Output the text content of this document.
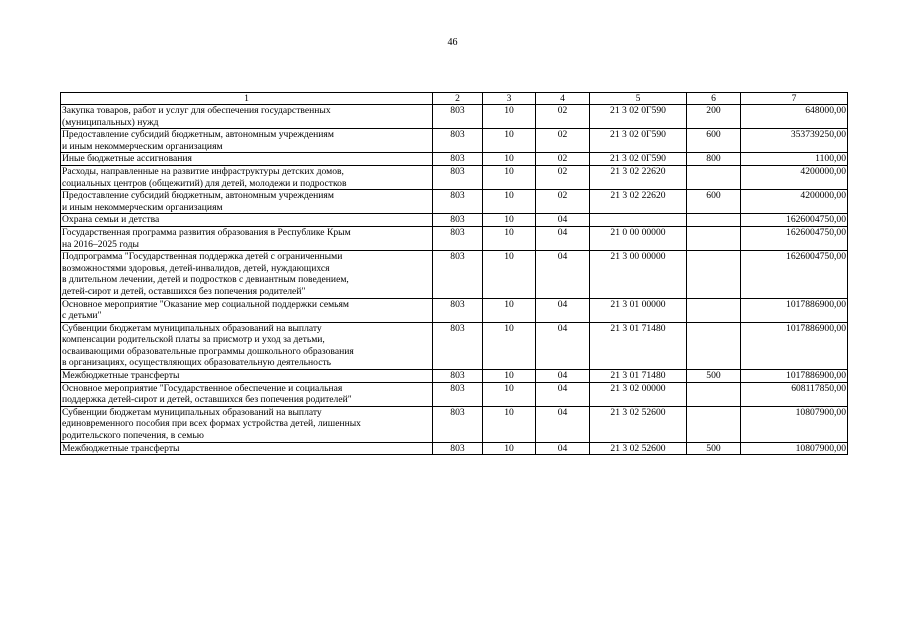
46
1	2	3	4	5	6	7
Закупка товаров, работ и услуг для обеспечения государственных
(муниципальных) нужд	803	10	02	21 3 02 0Г590	200	648000,00
Предоставление субсидий бюджетным, автономным учреждениям
и иным некоммерческим организациям	803	10	02	21 3 02 0Г590	600	353739250,00
Иные бюджетные ассигнования	803	10	02	21 3 02 0Г590	800	1100,00
Расходы, направленные на развитие инфраструктуры детских домов,
социальных центров (общежитий) для детей, молодежи и подростков	803	10	02	21 3 02 22620		4200000,00
Предоставление субсидий бюджетным, автономным учреждениям
и иным некоммерческим организациям	803	10	02	21 3 02 22620	600	4200000,00
Охрана семьи и детства	803	10	04			1626004750,00
Государственная программа развития образования в Республике Крым
на 2016–2025 годы	803	10	04	21 0 00 00000		1626004750,00
Подпрограмма "Государственная поддержка детей с ограниченными
возможностями здоровья, детей-инвалидов, детей, нуждающихся
в длительном лечении, детей и подростков с девиантным поведением,
детей-сирот и детей, оставшихся без попечения родителей"	803	10	04	21 3 00 00000		1626004750,00
Основное мероприятие "Оказание мер социальной поддержки семьям
с детьми"	803	10	04	21 3 01 00000		1017886900,00
Субвенции бюджетам муниципальных образований на выплату
компенсации родительской платы за присмотр и уход за детьми,
осваивающими образовательные программы дошкольного образования
в организациях, осуществляющих образовательную деятельность	803	10	04	21 3 01 71480		1017886900,00
Межбюджетные трансферты	803	10	04	21 3 01 71480	500	1017886900,00
Основное мероприятие "Государственное обеспечение и социальная
поддержка детей-сирот и детей, оставшихся без попечения родителей"	803	10	04	21 3 02 00000		608117850,00
Субвенции бюджетам муниципальных образований на выплату
единовременного пособия при всех формах устройства детей, лишенных
родительского попечения, в семью	803	10	04	21 3 02 52600		10807900,00
Межбюджетные трансферты	803	10	04	21 3 02 52600	500	10807900,00
